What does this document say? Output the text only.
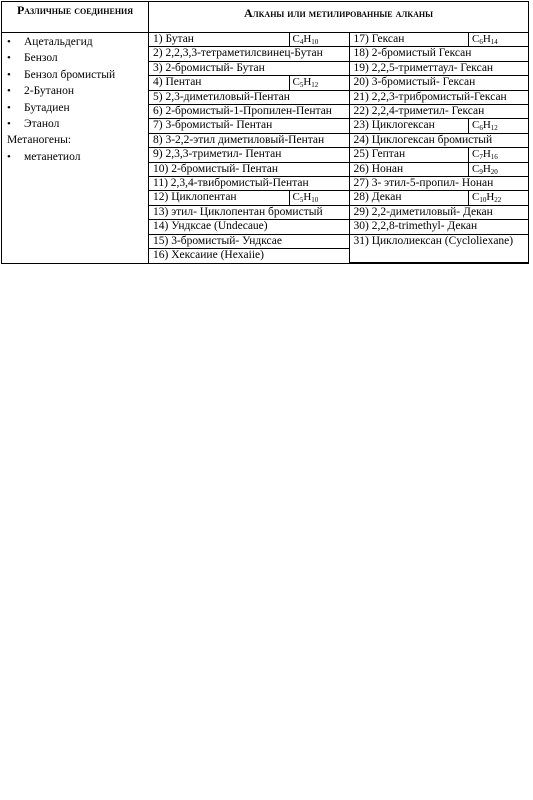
Различные соединения	Алканы или метилированные алканы

• Ацетальдегид
• Бензол
• Бензол бромистый
• 2-Бутанон
• Бутадиен
• Этанол
Метаногены:
• метанетиол

1) Бутан	$C_4H_{10}$	17) Гексан	$C_6H_{14}$

2) 2,2,3,3-тетраметилсвинец-Бутан	18) 2-бромистый Гексан

3) 2-бромистый- Бутан	19) 2,2,5-триметтаул- Гексан

4) Пентан	$C_5H_{12}$	20) 3-бромистый- Гексан

5) 2,3-диметиловый-Пентан	21) 2,2,3-трибромистый-Гексан

6) 2-бромистый-1-Пропилен-Пентан	22) 2,2,4-триметил- Гексан

7) 3-бромистый- Пентан	23) Циклогексан	$C_6H_{12}$

8) 3-2,2-этил диметиловый-Пентан	24) Циклогексан бромистый

9) 2,3,3-триметил- Пентан	25) Гептан	$C_7H_{16}$

10) 2-бромистый- Пентан	26) Нонан	$C_9H_{20}$

11) 2,3,4-твибромистый-Пентан	27) 3- этил-5-пропил- Нонан

12) Циклопентан	$C_5H_{10}$	28) Декан	$C_{10}H_{22}$

13) этил- Циклопентан бромистый	29) 2,2-диметиловый- Декан

14) Ундксае (Undecaue)	30) 2,2,8-trimethyl- Декан

15) 3-бромистый- Ундксае	31) Циклолиексан (Cycloliexane)

16) Хексаиие (Hexaiie)
